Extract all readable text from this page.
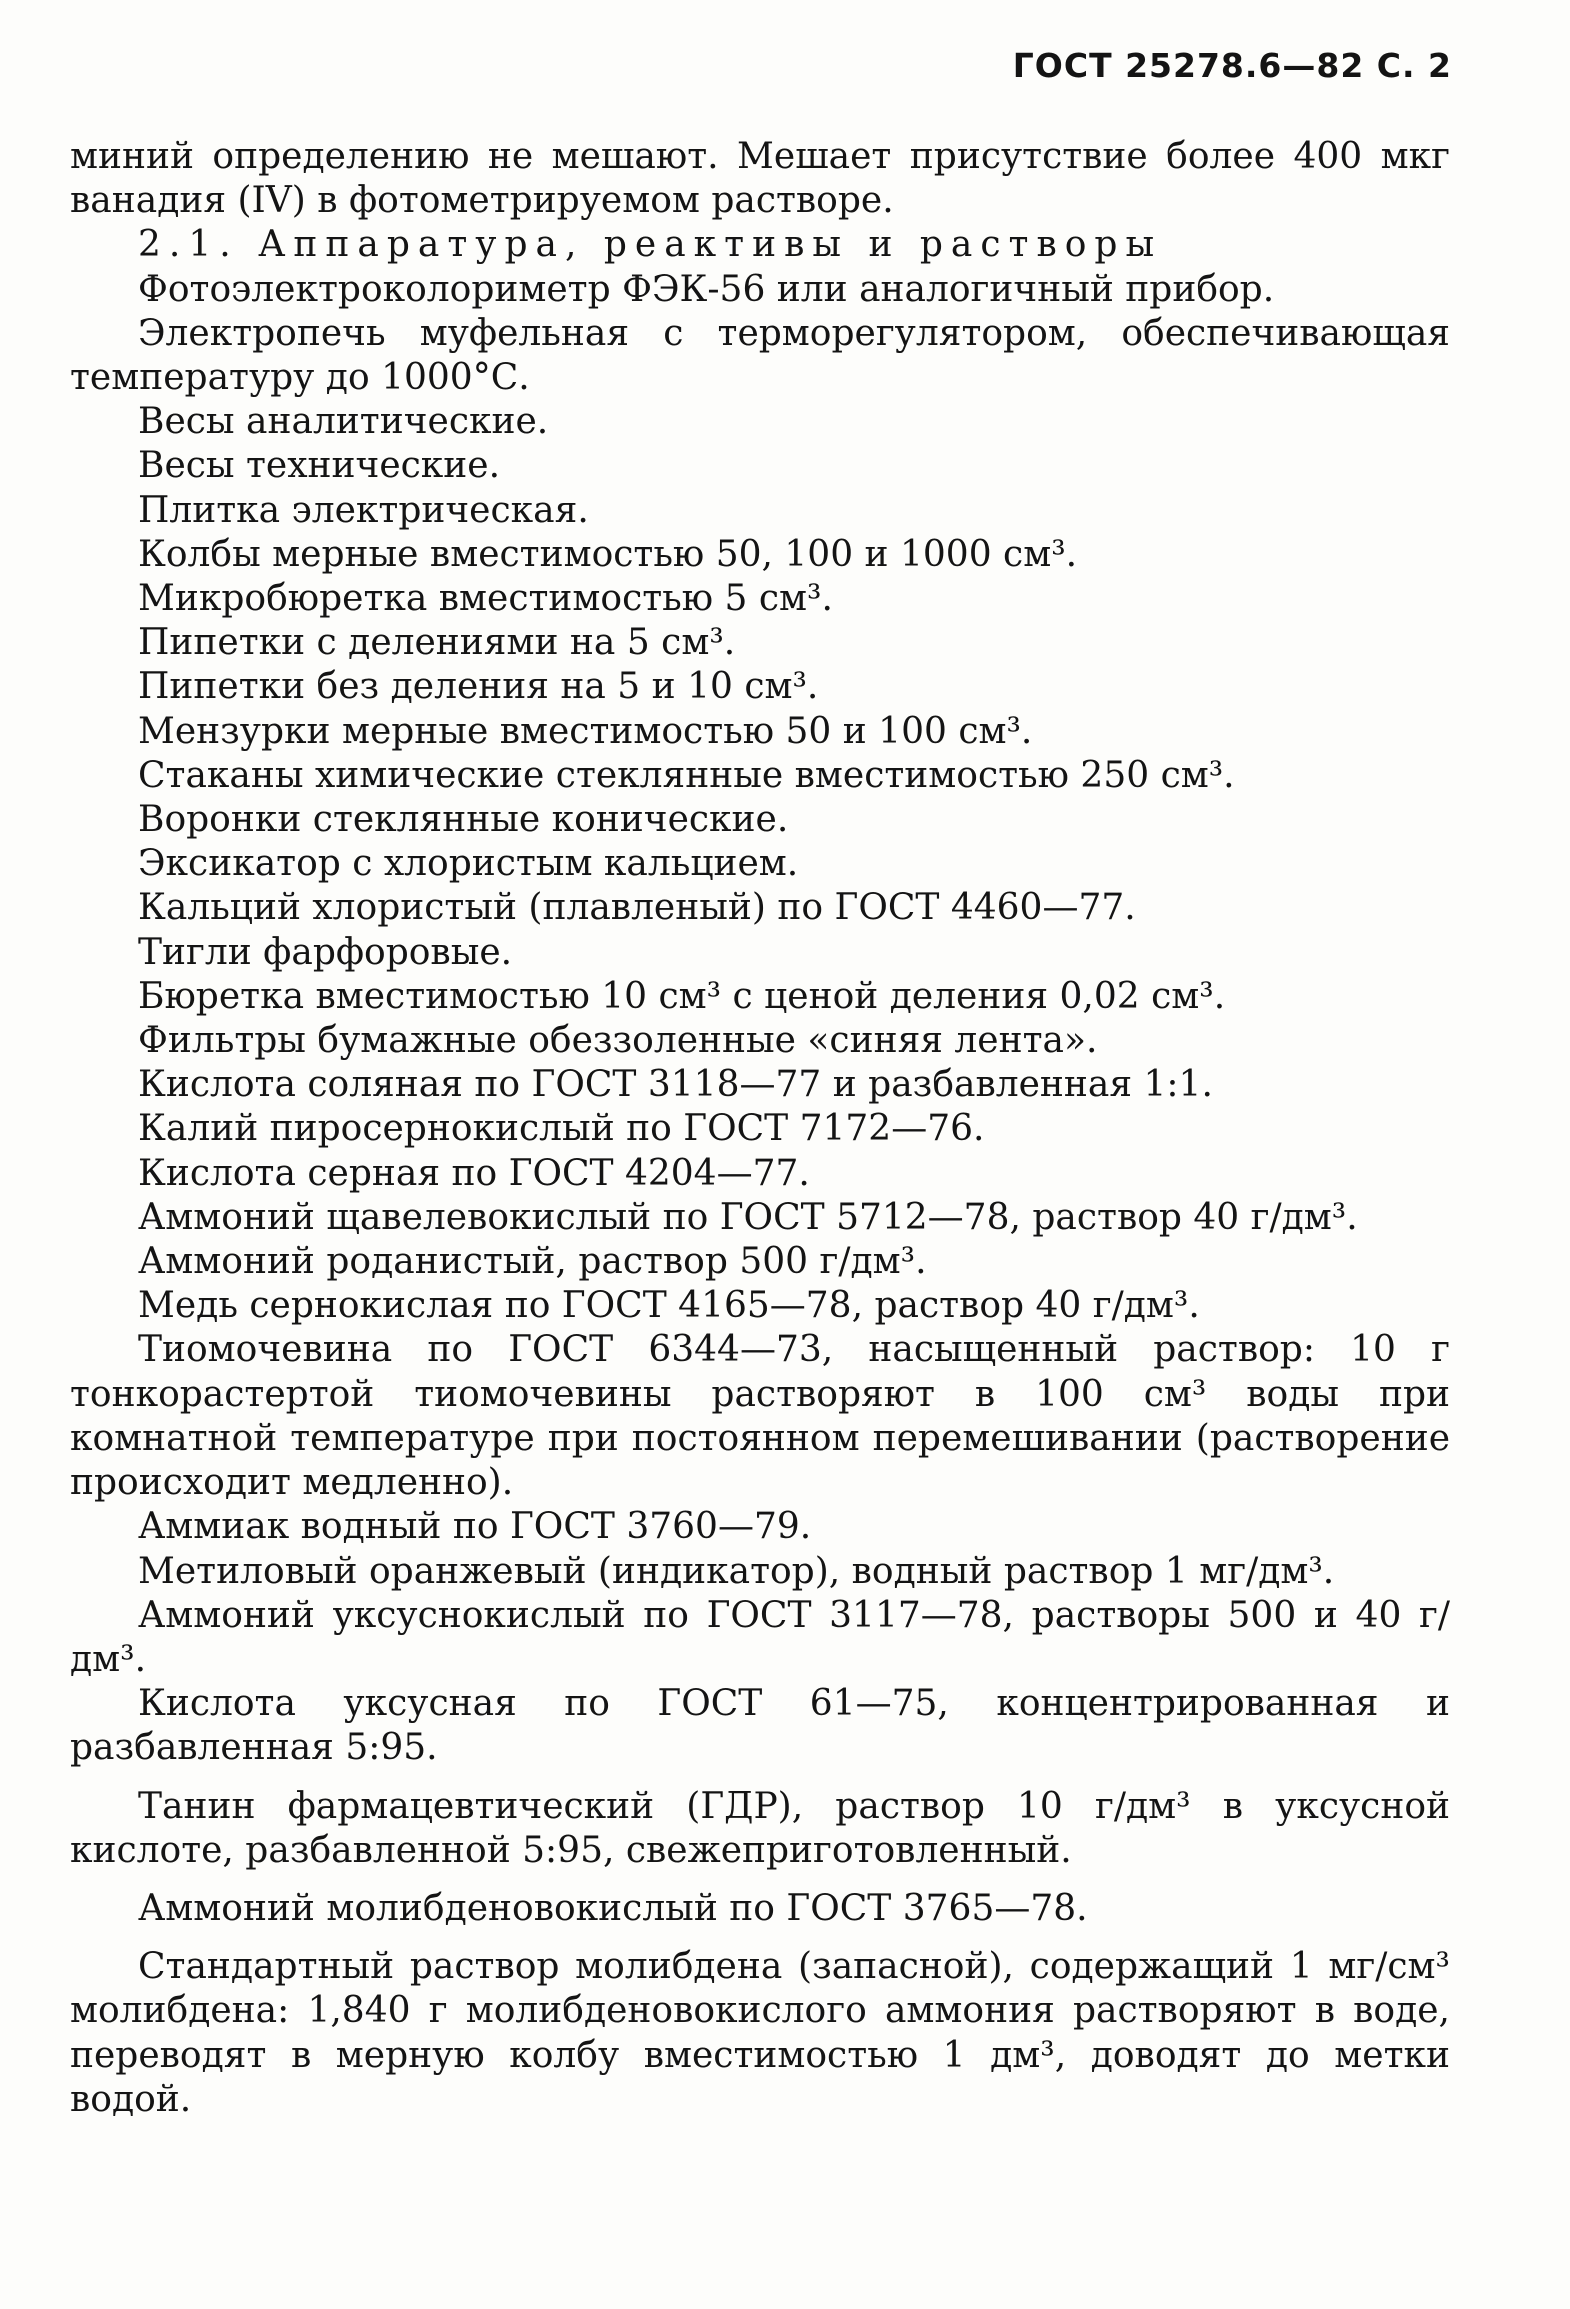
ГОСТ 25278.6—82 С. 2

миний определению не мешают. Мешает присутствие более 400 мкг ванадия (IV) в фотометрируемом растворе.

2.1. Аппаратура, реактивы и растворы

Фотоэлектроколориметр ФЭК-56 или аналогичный прибор.

Электропечь муфельная с терморегулятором, обеспечивающая температуру до 1000°С.

Весы аналитические.

Весы технические.

Плитка электрическая.

Колбы мерные вместимостью 50, 100 и 1000 см³.

Микробюретка вместимостью 5 см³.

Пипетки с делениями на 5 см³.

Пипетки без деления на 5 и 10 см³.

Мензурки мерные вместимостью 50 и 100 см³.

Стаканы химические стеклянные вместимостью 250 см³.

Воронки стеклянные конические.

Эксикатор с хлористым кальцием.

Кальций хлористый (плавленый) по ГОСТ 4460—77.

Тигли фарфоровые.

Бюретка вместимостью 10 см³ с ценой деления 0,02 см³.

Фильтры бумажные обеззоленные «синяя лента».

Кислота соляная по ГОСТ 3118—77 и разбавленная 1:1.

Калий пиросернокислый по ГОСТ 7172—76.

Кислота серная по ГОСТ 4204—77.

Аммоний щавелевокислый по ГОСТ 5712—78, раствор 40 г/дм³.

Аммоний роданистый, раствор 500 г/дм³.

Медь сернокислая по ГОСТ 4165—78, раствор 40 г/дм³.

Тиомочевина по ГОСТ 6344—73, насыщенный раствор: 10 г тонкорастертой тиомочевины растворяют в 100 см³ воды при комнатной температуре при постоянном перемешивании (растворение происходит медленно).

Аммиак водный по ГОСТ 3760—79.

Метиловый оранжевый (индикатор), водный раствор 1 мг/дм³.

Аммоний уксуснокислый по ГОСТ 3117—78, растворы 500 и 40 г/дм³.

Кислота уксусная по ГОСТ 61—75, концентрированная и разбавленная 5:95.

Танин фармацевтический (ГДР), раствор 10 г/дм³ в уксусной кислоте, разбавленной 5:95, свежеприготовленный.

Аммоний молибденовокислый по ГОСТ 3765—78.

Стандартный раствор молибдена (запасной), содержащий 1 мг/см³ молибдена: 1,840 г молибденовокислого аммония растворяют в воде, переводят в мерную колбу вместимостью 1 дм³, доводят до метки водой.
